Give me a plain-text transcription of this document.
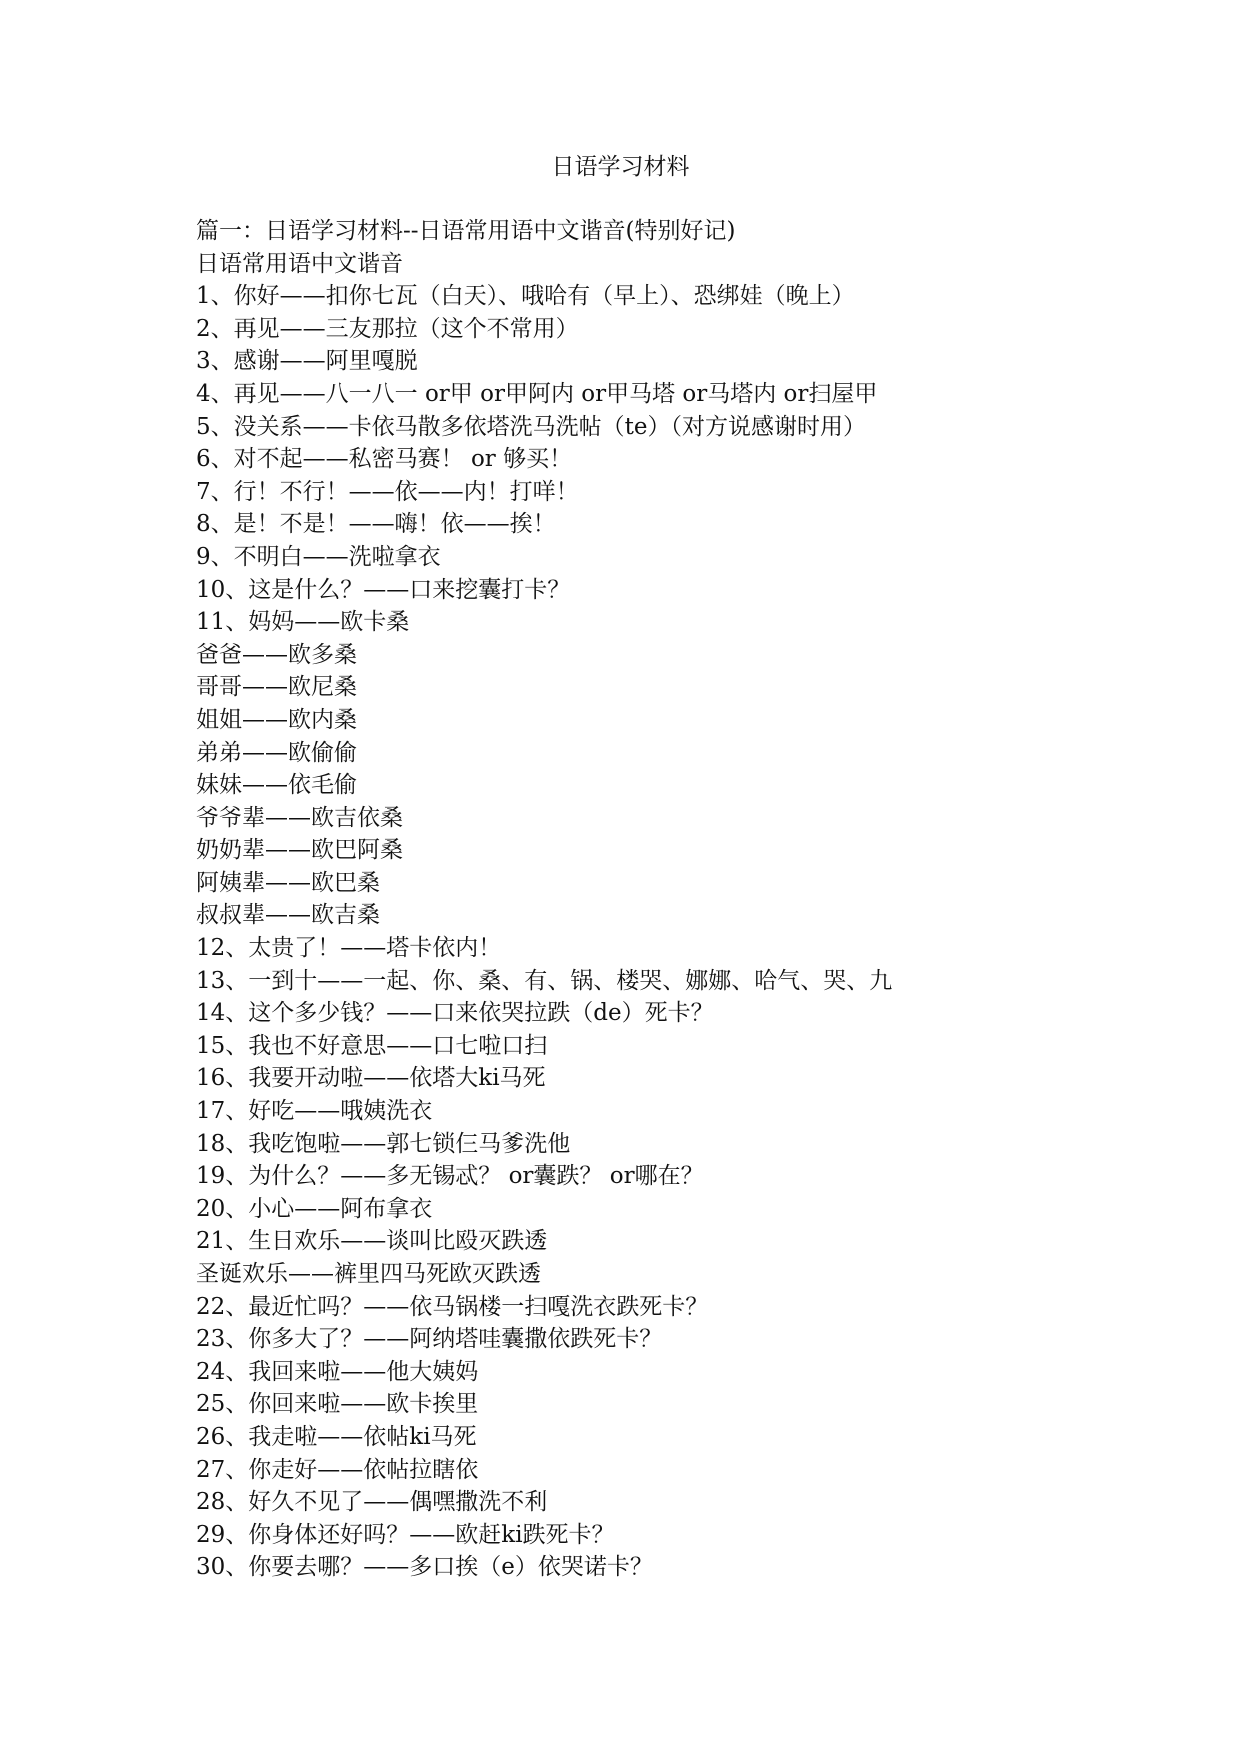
日语学习材料
篇一：日语学习材料--日语常用语中文谐音(特别好记)
日语常用语中文谐音
1、你好——扣你七瓦（白天）、哦哈有（早上）、恐绑娃（晚上）
2、再见——三友那拉（这个不常用）
3、感谢——阿里嘎脱
4、再见——八一八一 or甲 or甲阿内 or甲马塔 or马塔内 or扫屋甲
5、没关系——卡依马散多依塔洗马洗帖（te）（对方说感谢时用）
6、对不起——私密马赛！ or 够买！
7、行！不行！——依——内！打咩！
8、是！不是！——嗨！依——挨！
9、不明白——洗啦拿衣
10、这是什么？——口来挖囊打卡？
11、妈妈——欧卡桑
爸爸——欧多桑
哥哥——欧尼桑
姐姐——欧内桑
弟弟——欧偷偷
妹妹——依毛偷
爷爷辈——欧吉依桑
奶奶辈——欧巴阿桑
阿姨辈——欧巴桑
叔叔辈——欧吉桑
12、太贵了！——塔卡依内！
13、一到十——一起、你、桑、有、锅、楼哭、娜娜、哈气、哭、九
14、这个多少钱？——口来依哭拉跌（de）死卡？
15、我也不好意思——口七啦口扫
16、我要开动啦——依塔大ki马死
17、好吃——哦姨洗衣
18、我吃饱啦——郭七锁仨马爹洗他
19、为什么？——多无锡忒？ or囊跌？ or哪在？
20、小心——阿布拿衣
21、生日欢乐——谈叫比殴灭跌透
圣诞欢乐——裤里四马死欧灭跌透
22、最近忙吗？——依马锅楼一扫嘎洗衣跌死卡？
23、你多大了？——阿纳塔哇囊撒依跌死卡？
24、我回来啦——他大姨妈
25、你回来啦——欧卡挨里
26、我走啦——依帖ki马死
27、你走好——依帖拉瞎依
28、好久不见了——偶嘿撒洗不利
29、你身体还好吗？——欧赶ki跌死卡？
30、你要去哪？——多口挨（e）依哭诺卡？
